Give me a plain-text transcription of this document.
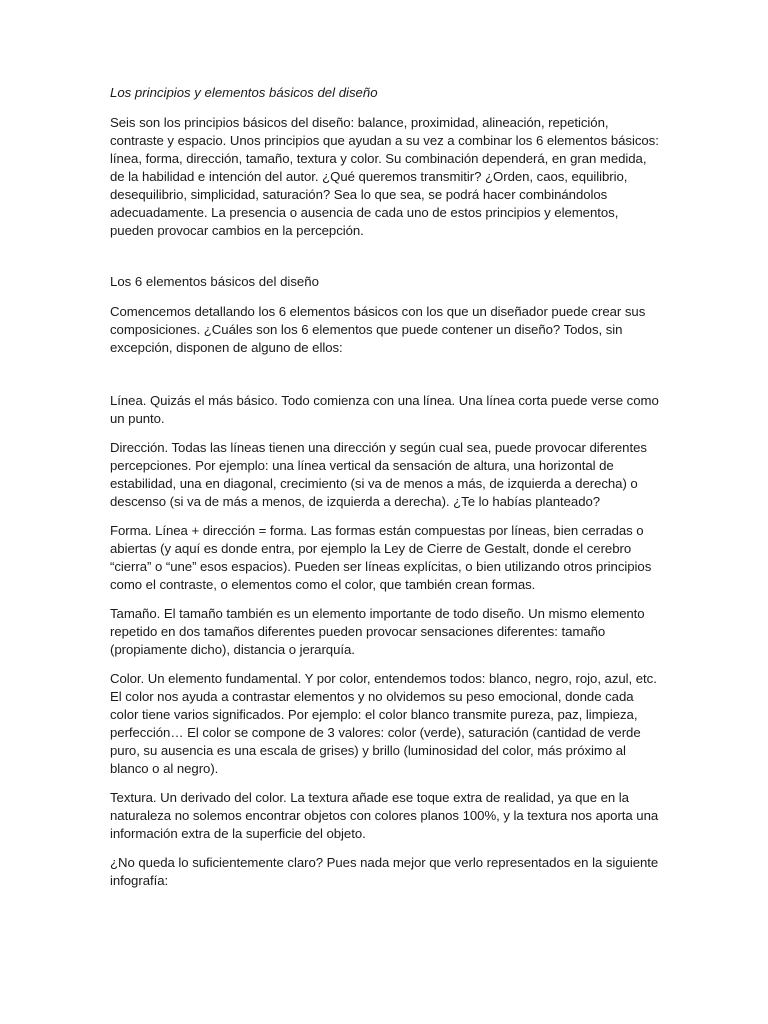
Los principios y elementos básicos del diseño

Seis son los principios básicos del diseño: balance, proximidad, alineación, repetición, contraste y espacio. Unos principios que ayudan a su vez a combinar los 6 elementos básicos: línea, forma, dirección, tamaño, textura y color. Su combinación dependerá, en gran medida, de la habilidad e intención del autor. ¿Qué queremos transmitir? ¿Orden, caos, equilibrio, desequilibrio, simplicidad, saturación? Sea lo que sea, se podrá hacer combinándolos adecuadamente. La presencia o ausencia de cada uno de estos principios y elementos, pueden provocar cambios en la percepción.

Los 6 elementos básicos del diseño

Comencemos detallando los 6 elementos básicos con los que un diseñador puede crear sus composiciones. ¿Cuáles son los 6 elementos que puede contener un diseño? Todos, sin excepción, disponen de alguno de ellos:

Línea. Quizás el más básico. Todo comienza con una línea. Una línea corta puede verse como un punto.

Dirección. Todas las líneas tienen una dirección y según cual sea, puede provocar diferentes percepciones. Por ejemplo: una línea vertical da sensación de altura, una horizontal de estabilidad, una en diagonal, crecimiento (si va de menos a más, de izquierda a derecha) o descenso (si va de más a menos, de izquierda a derecha). ¿Te lo habías planteado?

Forma. Línea + dirección = forma. Las formas están compuestas por líneas, bien cerradas o abiertas (y aquí es donde entra, por ejemplo la Ley de Cierre de Gestalt, donde el cerebro “cierra” o “une” esos espacios). Pueden ser líneas explícitas, o bien utilizando otros principios como el contraste, o elementos como el color, que también crean formas.

Tamaño. El tamaño también es un elemento importante de todo diseño. Un mismo elemento repetido en dos tamaños diferentes pueden provocar sensaciones diferentes: tamaño (propiamente dicho), distancia o jerarquía.

Color. Un elemento fundamental. Y por color, entendemos todos: blanco, negro, rojo, azul, etc. El color nos ayuda a contrastar elementos y no olvidemos su peso emocional, donde cada color tiene varios significados. Por ejemplo: el color blanco transmite pureza, paz, limpieza, perfección… El color se compone de 3 valores: color (verde), saturación (cantidad de verde puro, su ausencia es una escala de grises) y brillo (luminosidad del color, más próximo al blanco o al negro).

Textura. Un derivado del color. La textura añade ese toque extra de realidad, ya que en la naturaleza no solemos encontrar objetos con colores planos 100%, y la textura nos aporta una información extra de la superficie del objeto.

¿No queda lo suficientemente claro? Pues nada mejor que verlo representados en la siguiente infografía:
